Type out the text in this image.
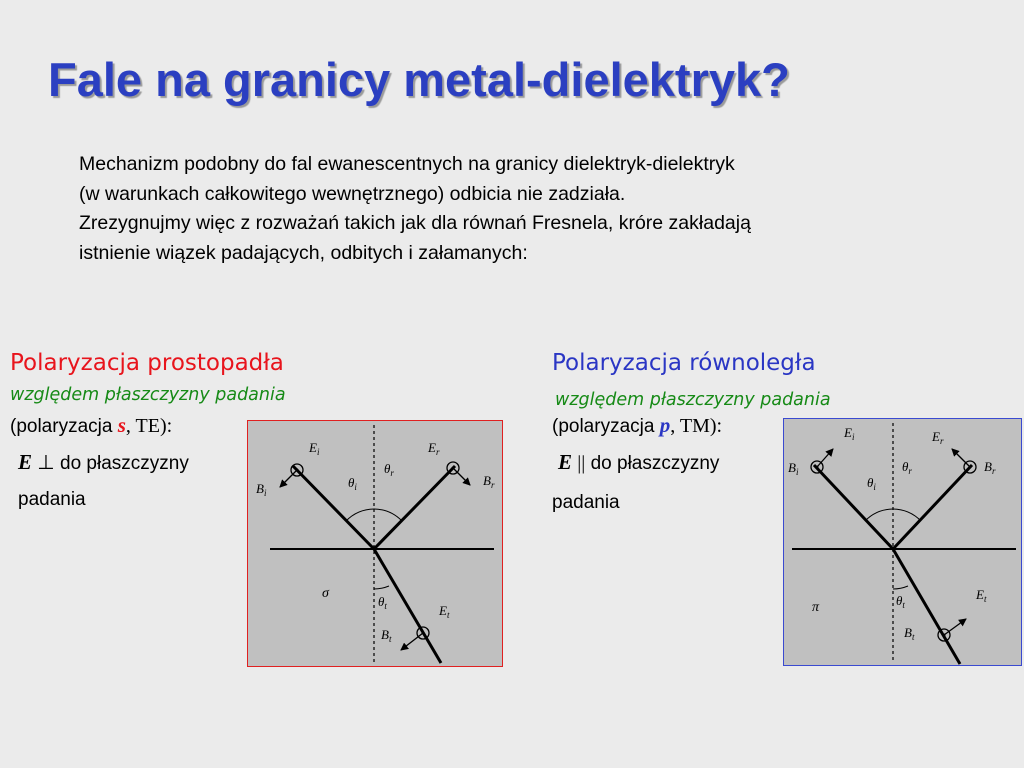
Fale na granicy metal-dielektryk?
Mechanizm podobny do fal ewanescentnych na granicy dielektryk-dielektryk
(w warunkach całkowitego wewnętrznego) odbicia nie zadziała.
Zrezygnujmy więc z rozważań takich jak dla równań Fresnela, króre zakładają
istnienie wiązek padających, odbitych i załamanych:
Polaryzacja prostopadła
względem płaszczyzny padania
(polaryzacja s, TE):
E ⊥ do płaszczyzny
padania
$E_i$
$B_i$
$E_r$
$B_r$
$\theta_i$
$\theta_r$
$\theta_t$	$E_t$
$B_t$
σ
Polaryzacja równoległa
względem płaszczyzny padania
(polaryzacja p, TM):
E || do płaszczyzny
padania
$E_i$
$B_i$
$E_r$
$B_r$
$\theta_i$
$\theta_r$
$\theta_t$
$E_t$
$B_t$
π
